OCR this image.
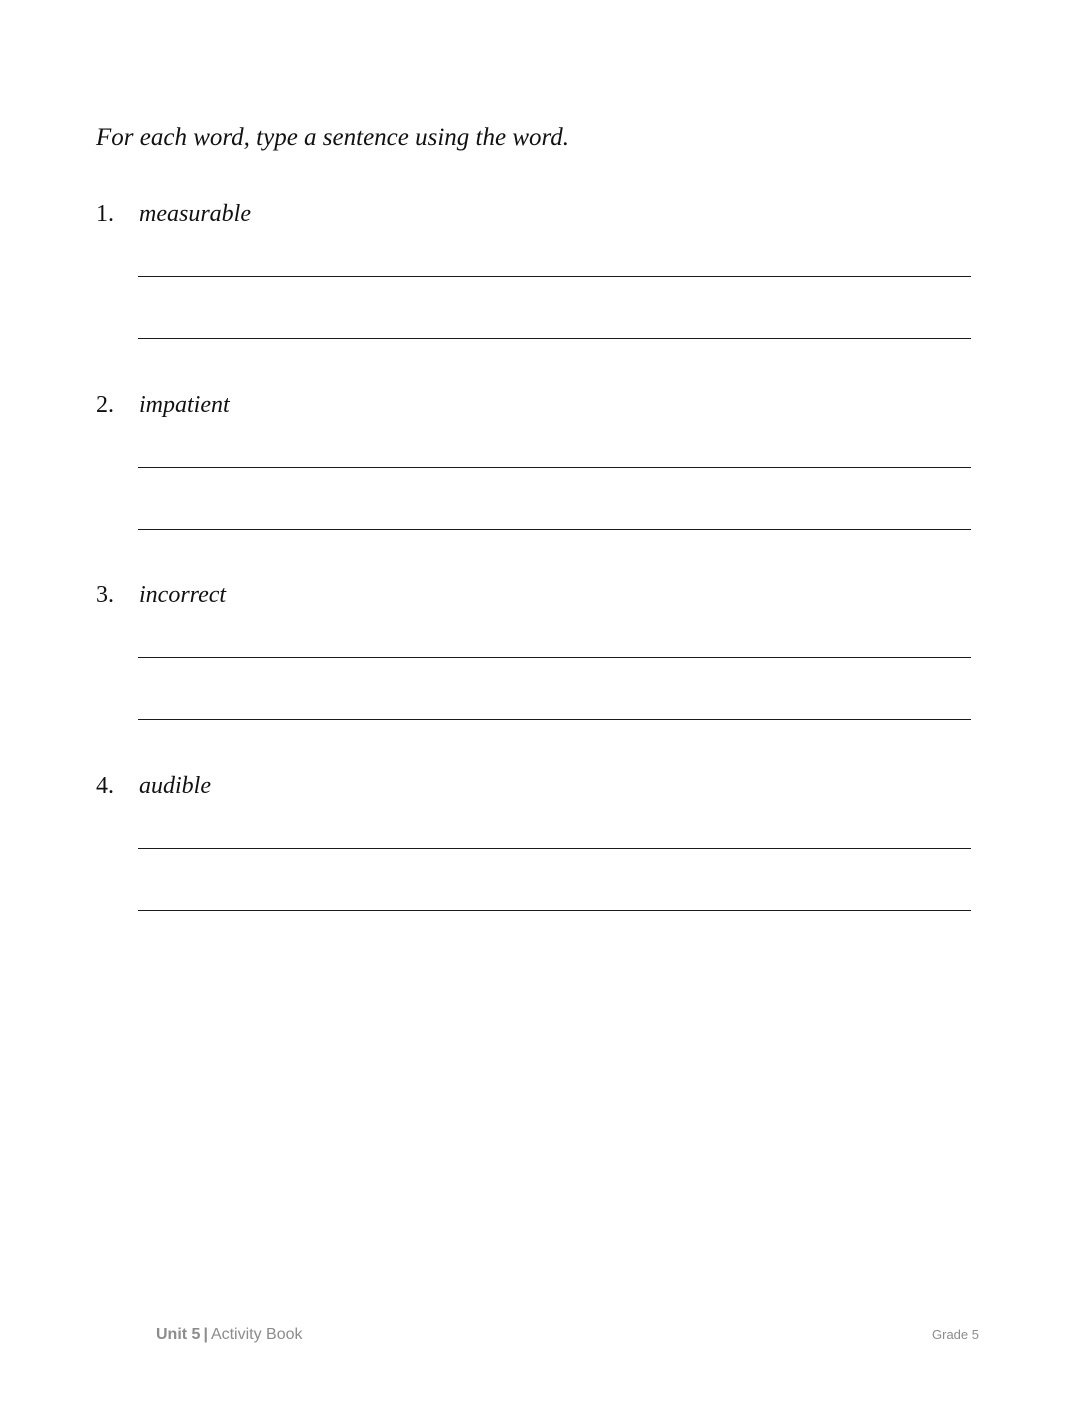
For each word, type a sentence using the word.
1. measurable
2. impatient
3. incorrect
4. audible
Unit 5 | Activity Book	Grade 5
